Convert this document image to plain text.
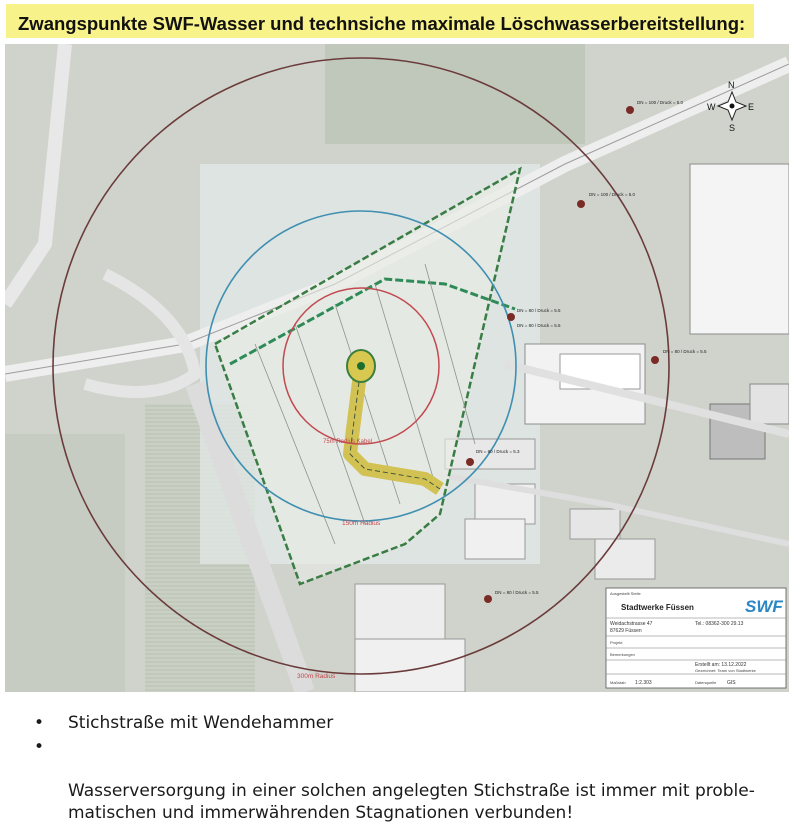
Zwangspunkte SWF-Wasser und technsiche maximale Löschwasserbereitstellung:
75m Radius Kabel
150m Radius
300m Radius
DN = 100 / Druck = 5.0
DN = 100 / Druck = 5.0
DN = 80 / Druck = 5.5
DN = 80 / Druck = 5.6
DN = 80 / Druck = 5.5
DN = 80 / Druck = 5.3
DN = 80 / Druck = 5.5
N
E
S
W
Ausgestellt Stelle
Stadtwerke Füssen	SWF
Weidachstrasse 47	Tel.: 08362-300 29.13
87629 Füssen
Projekt
Bemerkungen
Erstellt am: 13.12.2022
Gezeichnet: Team von Stadtwerke
Maßstab 1:2.303	Datenquelle GIS
• Stichstraße mit Wendehammer

•

Wasserversorgung in einer solchen angelegten Stichstraße ist immer mit proble-
matischen und immerwährenden Stagnationen verbunden!
